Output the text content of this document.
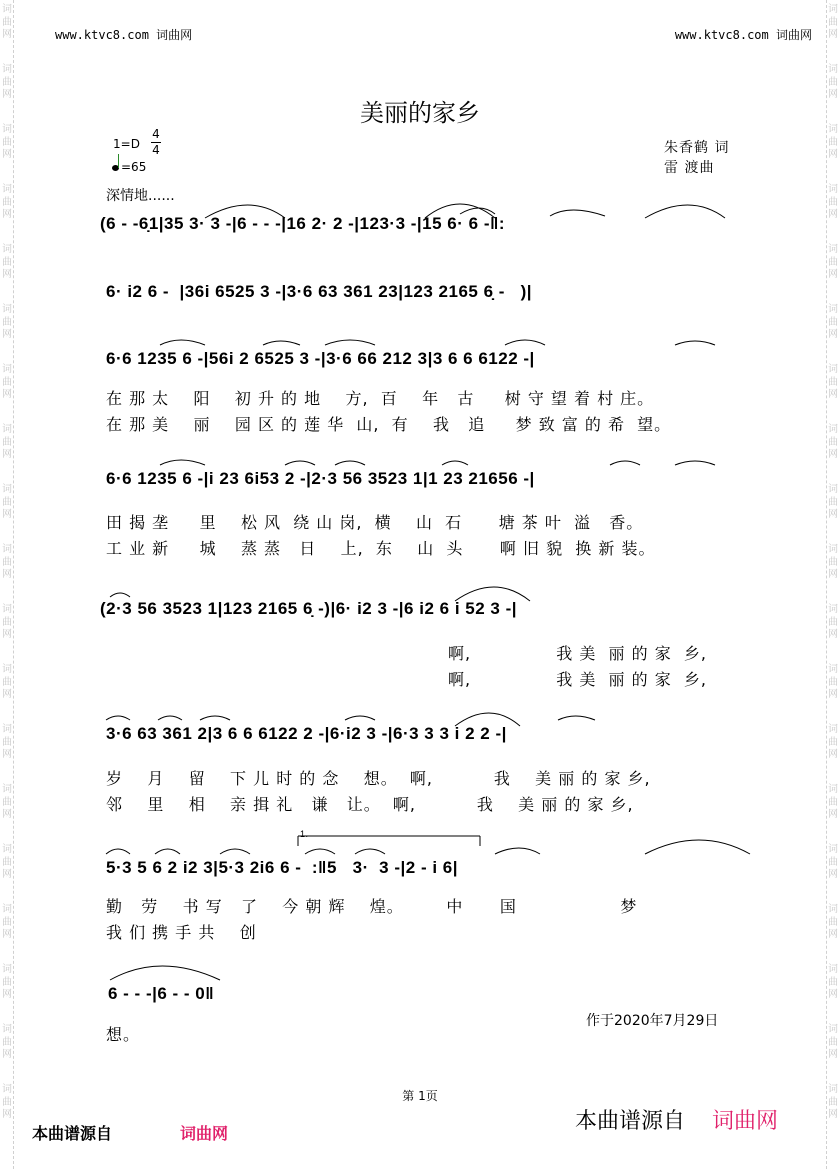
词
曲
网
词
曲
网
词
曲
网
词
曲
网
词
曲
网
词
曲
网
词
曲
网
词
曲
网
词
曲
网
词
曲
网
词
曲
网
词
曲
网
词
曲
网
词
曲
网
词
曲
网
词
曲
网
词
曲
网
词
曲
网
词
曲
网
词
曲
网
词
曲
网
词
曲
网
词
曲
网
词
曲
网
词
曲
网
词
曲
网
词
曲
网
词
曲
网
词
曲
网
词
曲
网
词
曲
网
词
曲
网
词
曲
网
词
曲
网
词
曲
网
词
曲
网
词
曲
网
词
曲
网
www.ktvc8.com 词曲网	www.ktvc8.com 词曲网
美丽的家乡
1=D
4
4
=65
深情地......
朱香鹤 词
雷 渡曲
(6 - -6̣1|35 3· 3 -|6 - - -|16 2· 2 -|123·3 -|15 6· 6 -‖:
6· i2 6 -  |36i 6525 3 -|3·6 63 361 23|123 2165 6̣ -   )|
6·6 1235 6 -|56i 2 6525 3 -|3·6 66 212 3|3 6 6 6122 -|
在 那 太    阳    初 升 的 地    方,  百    年   古     树 守 望 着 村 庄。
在 那 美    丽    园 区 的 莲 华  山,  有    我   追     梦 致 富 的 希  望。
6·6 1235 6 -|i 23 6i53 2 -|2·3 56 3523 1|1 23 21656 -|
田 揭 垄     里    松 风  绕 山 岗,  横    山  石      塘 茶 叶  溢   香。
工 业 新     城    蒸 蒸   日    上,  东    山  头      啊 旧 貌  换 新 装。
(2·3 56 3523 1|123 2165 6̣ -)|6· i2 3 -|6 i2 6 i 52 3 -|
啊,              我 美  丽 的 家  乡,
啊,              我 美  丽 的 家  乡,
3·6 63 361 2|3 6 6 6122 2 -|6·i2 3 -|6·3 3 3 i 2 2 -|
岁    月    留    下 儿 时 的 念    想。  啊,          我    美 丽 的 家 乡,
邻    里    相    亲 揖 礼   谦   让。  啊,          我    美 丽 的 家 乡,
1.
5·3 5 6 2 i2 3|5·3 2i6 6 -  :‖5   3·  3 -|2 - i 6|
勤   劳    书 写   了    今 朝 辉    煌。       中      国                 梦
我 们 携 手 共    创
6 - - -|6 - - 0‖
想。
作于2020年7月29日
第 1页
本曲谱源自	词曲网	本曲谱源自 词曲网
